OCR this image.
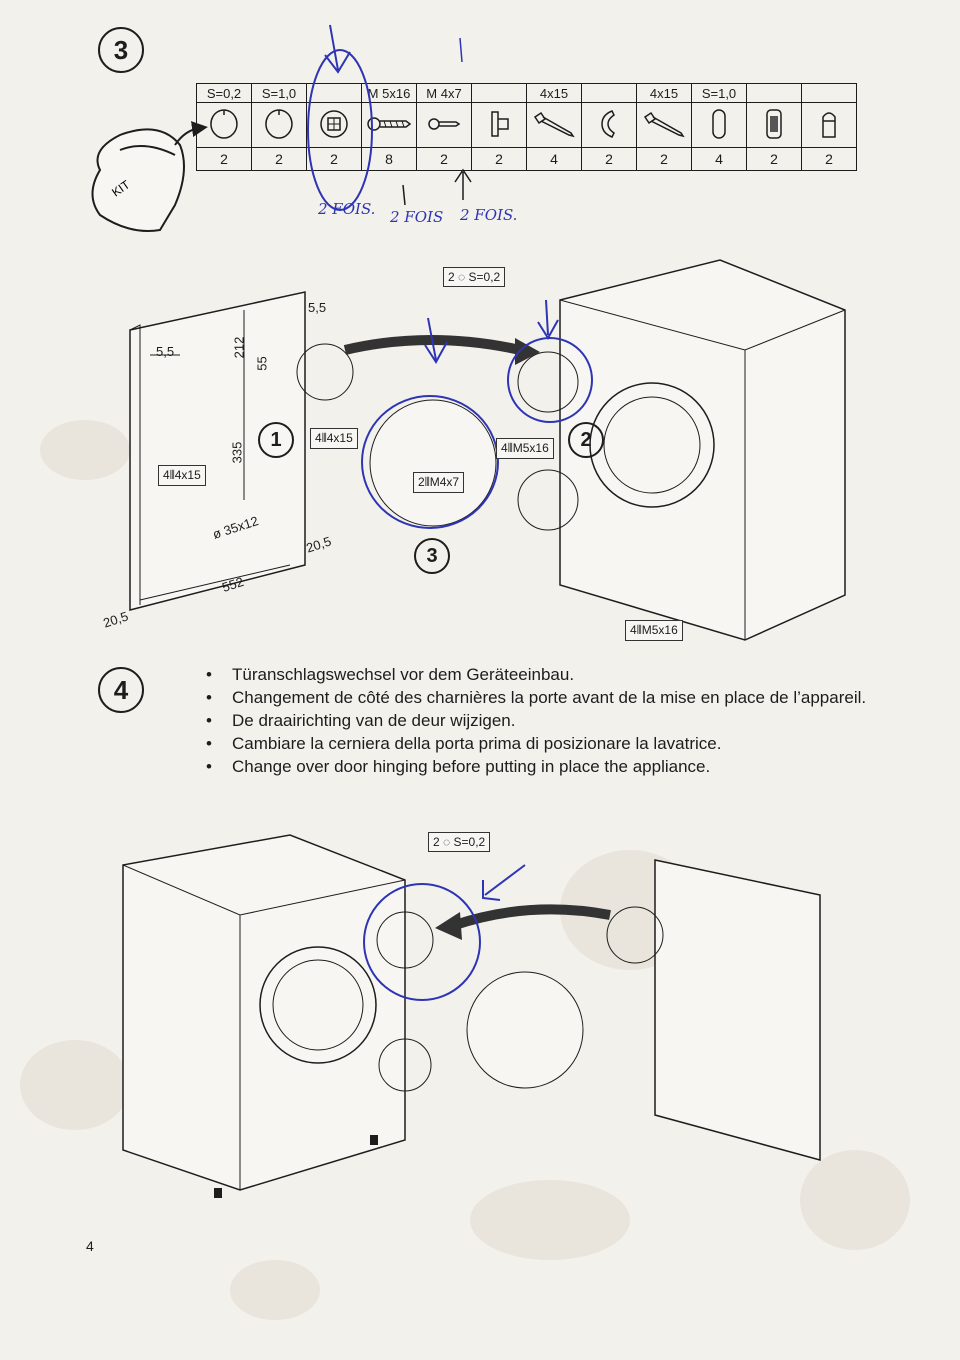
3
KIT
S=0,2	S=1,0		M 5x16	M 4x7		4x15		4x15	S=1,0		

2	2	2	8	2	2	4	2	2	4	2	2
2 FOIS. 2 FOIS 2 FOIS.
2 ◌ S=0,2
5,5
5,5	212
55
335
ø 35x12
20,5
552
20,5
1	2
3
4⫴4x15
4⫴4x15	2⫴M4x7
4⫴M5x16
4⫴M5x16
4	• Türanschlagswechsel vor dem Geräteeinbau.
• Changement de côté des charnières la porte avant de la mise en place de l’appareil.
• De draairichting van de deur wijzigen.
• Cambiare la cerniera della porta prima di posizionare la lavatrice.
• Change over door hinging before putting in place the appliance.
2 ◌ S=0,2
4
